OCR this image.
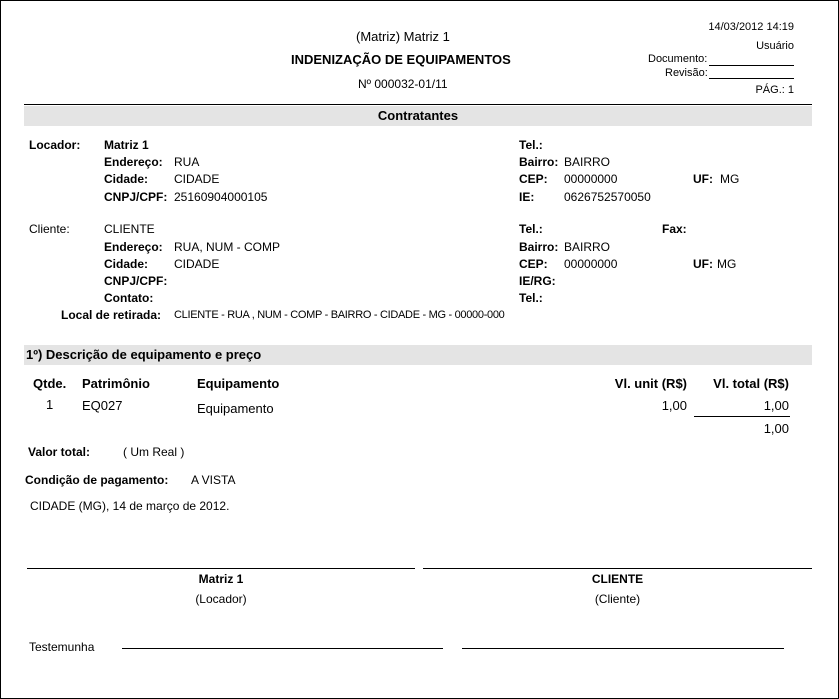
(Matriz) Matriz 1
INDENIZAÇÃO DE EQUIPAMENTOS
Nº 000032-01/11
14/03/2012 14:19
Usuário
Documento:
Revisão:
PÁG.: 1
Contratantes
Locador: Matriz 1
Endereço: RUA
Cidade: CIDADE
CNPJ/CPF: 25160904000105
Tel.:
Bairro: BAIRRO
CEP: 00000000	UF: MG
IE: 0626752570050
Cliente:	CLIENTE
Endereço: RUA, NUM - COMP
Cidade: CIDADE
CNPJ/CPF:
Contato:
Tel.:	Fax:
Bairro: BAIRRO
CEP: 00000000	UF: MG
IE/RG:
Tel.:
Local de retirada: CLIENTE - RUA , NUM - COMP - BAIRRO - CIDADE - MG - 00000-000
1º) Descrição de equipamento e preço
Qtde. Patrimônio	Equipamento	Vl. unit (R$)	Vl. total (R$)
1 EQ027	Equipamento	1,00	1,00
1,00
Valor total:	( Um Real )
Condição de pagamento: A VISTA
CIDADE (MG), 14 de março de 2012.
Matriz 1
(Locador)
CLIENTE
(Cliente)
Testemunha
